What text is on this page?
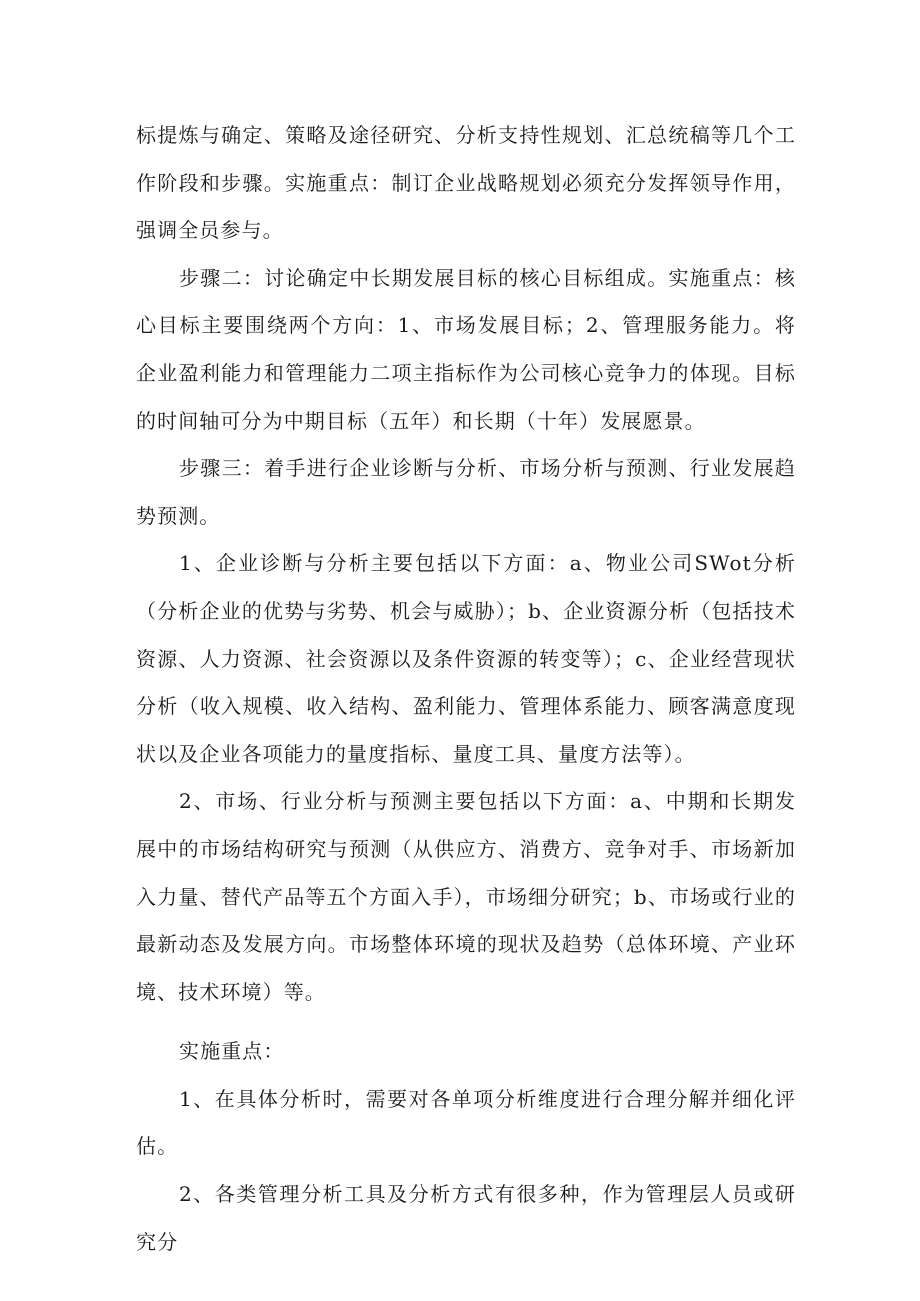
标提炼与确定、策略及途径研究、分析支持性规划、汇总统稿等几个工作阶段和步骤。实施重点：制订企业战略规划必须充分发挥领导作用，强调全员参与。

步骤二：讨论确定中长期发展目标的核心目标组成。实施重点：核心目标主要围绕两个方向：1、市场发展目标；2、管理服务能力。将企业盈利能力和管理能力二项主指标作为公司核心竞争力的体现。目标的时间轴可分为中期目标（五年）和长期（十年）发展愿景。

步骤三：着手进行企业诊断与分析、市场分析与预测、行业发展趋势预测。

1、企业诊断与分析主要包括以下方面：a、物业公司SWot分析（分析企业的优势与劣势、机会与威胁）；b、企业资源分析（包括技术资源、人力资源、社会资源以及条件资源的转变等）；c、企业经营现状分析（收入规模、收入结构、盈利能力、管理体系能力、顾客满意度现状以及企业各项能力的量度指标、量度工具、量度方法等）。

2、市场、行业分析与预测主要包括以下方面：a、中期和长期发展中的市场结构研究与预测（从供应方、消费方、竞争对手、市场新加入力量、替代产品等五个方面入手），市场细分研究；b、市场或行业的最新动态及发展方向。市场整体环境的现状及趋势（总体环境、产业环境、技术环境）等。

实施重点：

1、在具体分析时，需要对各单项分析维度进行合理分解并细化评估。

2、各类管理分析工具及分析方式有很多种，作为管理层人员或研究分
